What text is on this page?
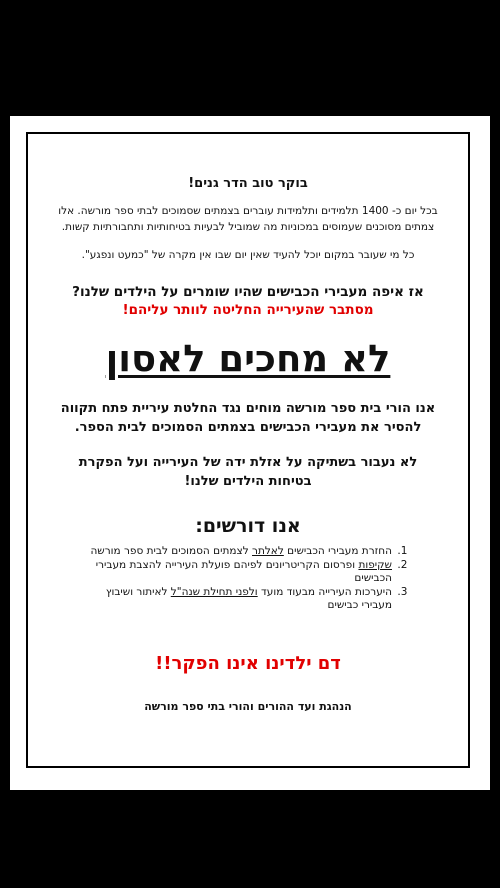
בוקר טוב הדר גנים!
בכל יום כ- 1400 תלמידים ותלמידות עוברים בצמתים שסמוכים לבתי ספר מורשה. אלו צמתים מסוכנים שעמוסים במכוניות מה שמוביל לבעיות בטיחותיות ותחבורתיות קשות.
כל מי שעובר במקום יוכל להעיד שאין יום שבו אין מקרה של "כמעט ונפגע".
אז איפה מעבירי הכבישים שהיו שומרים על הילדים שלנו?
מסתבר שהעירייה החליטה לוותר עליהם!
לא מחכים לאסון
אנו הורי בית ספר מורשה מוחים נגד החלטת עיריית פתח תקווה להסיר את מעבירי הכבישים בצמתים הסמוכים לבית הספר.
לא נעבור בשתיקה על אזלת ידה של העירייה ועל הפקרת בטיחות הילדים שלנו!
אנו דורשים:
1. החזרת מעבירי הכבישים לאלתר לצמתים הסמוכים לבית ספר מורשה
2. שקיפות ופרסום הקריטריונים לפיהם פועלת העירייה להצבת מעבירי הכבישים
3. היערכות העירייה מבעוד מועד ולפני תחילת שנה"ל לאיתור ושיבוץ מעבירי כבישים
דם ילדינו אינו הפקר!!
הנהגת ועד ההורים והורי בתי ספר מורשה
